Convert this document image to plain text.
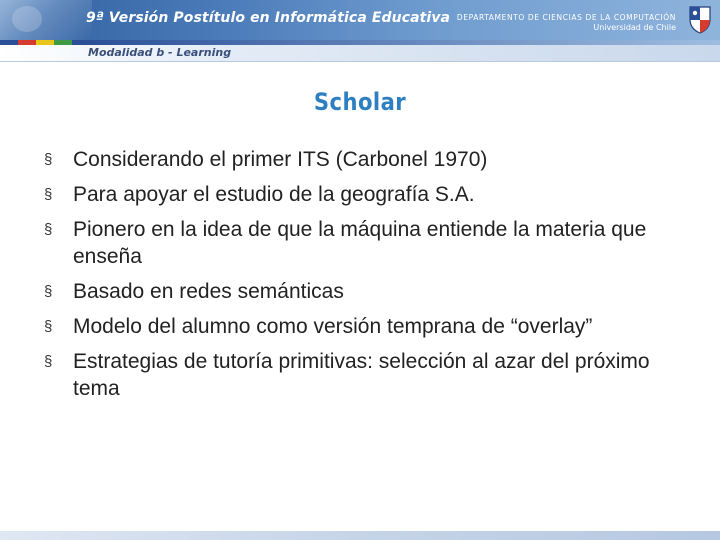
9ª Versión Postítulo en Informática Educativa DEPARTAMENTO DE CIENCIAS DE LA COMPUTACIÓN
Universidad de Chile
Modalidad b - Learning
Scholar
§ Considerando el primer ITS (Carbonel 1970)
§ Para apoyar el estudio de la geografía S.A.
§ Pionero en la idea de que la máquina entiende la materia que enseña
§ Basado en redes semánticas
§ Modelo del alumno como versión temprana de “overlay”
§ Estrategias de tutoría primitivas: selección al azar del próximo tema
